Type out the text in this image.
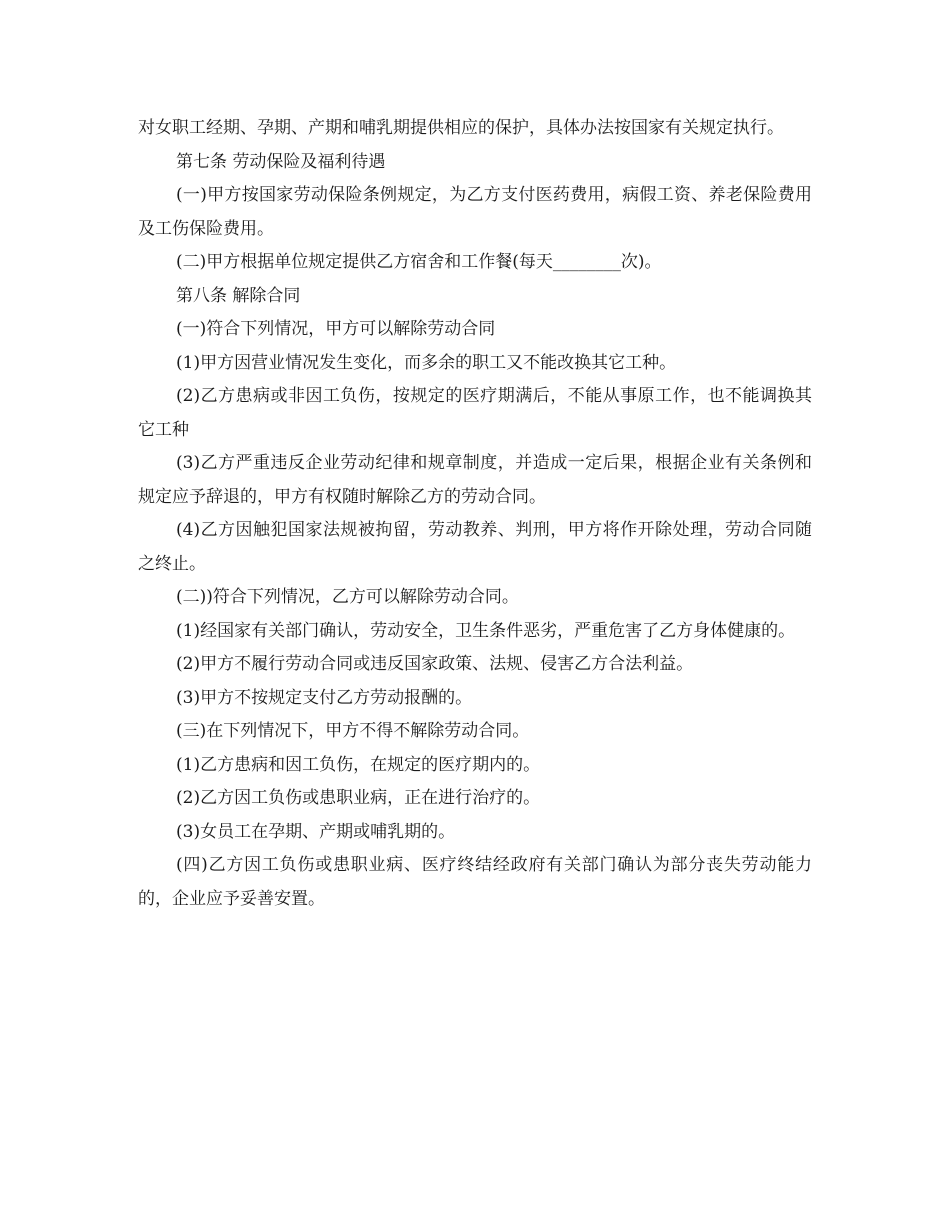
对女职工经期、孕期、产期和哺乳期提供相应的保护，具体办法按国家有关规定执行。

第七条 劳动保险及福利待遇

(一)甲方按国家劳动保险条例规定，为乙方支付医药费用，病假工资、养老保险费用及工伤保险费用。

(二)甲方根据单位规定提供乙方宿舍和工作餐(每天________次)。

第八条 解除合同

(一)符合下列情况，甲方可以解除劳动合同

(1)甲方因营业情况发生变化，而多余的职工又不能改换其它工种。

(2)乙方患病或非因工负伤，按规定的医疗期满后，不能从事原工作，也不能调换其它工种

(3)乙方严重违反企业劳动纪律和规章制度，并造成一定后果，根据企业有关条例和规定应予辞退的，甲方有权随时解除乙方的劳动合同。

(4)乙方因触犯国家法规被拘留，劳动教养、判刑，甲方将作开除处理，劳动合同随之终止。

(二))符合下列情况，乙方可以解除劳动合同。

(1)经国家有关部门确认，劳动安全，卫生条件恶劣，严重危害了乙方身体健康的。

(2)甲方不履行劳动合同或违反国家政策、法规、侵害乙方合法利益。

(3)甲方不按规定支付乙方劳动报酬的。

(三)在下列情况下，甲方不得不解除劳动合同。

(1)乙方患病和因工负伤，在规定的医疗期内的。

(2)乙方因工负伤或患职业病，正在进行治疗的。

(3)女员工在孕期、产期或哺乳期的。

(四)乙方因工负伤或患职业病、医疗终结经政府有关部门确认为部分丧失劳动能力的，企业应予妥善安置。
